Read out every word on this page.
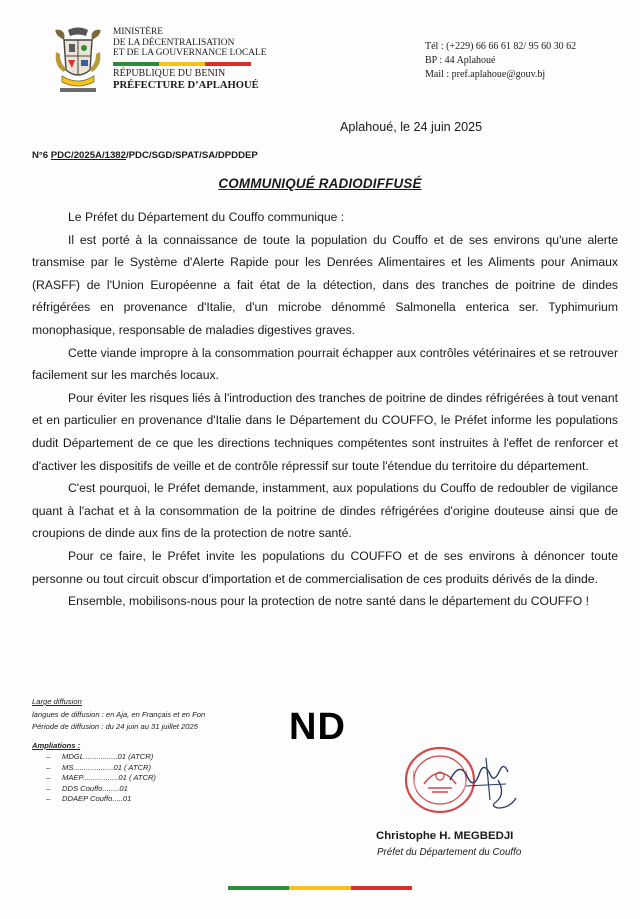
MINISTÈRE
DE LA DÉCENTRALISATION
ET DE LA GOUVERNANCE LOCALE
RÉPUBLIQUE DU BENIN
PRÉFECTURE D’APLAHOUÉ
Tél : (+229) 66 66 61 82/ 95 60 30 62
BP : 44 Aplahoué
Mail : pref.aplahoue@gouv.bj
Aplahoué, le 24 juin 2025
N°6 PDC/2025A/1382/PDC/SGD/SPAT/SA/DPDDEP
COMMUNIQUÉ RADIODIFFUSÉ

Le Préfet du Département du Couffo communique :

Il est porté à la connaissance de toute la population du Couffo et de ses environs qu'une alerte transmise par le Système d'Alerte Rapide pour les Denrées Alimentaires et les Aliments pour Animaux (RASFF) de l'Union Européenne a fait état de la détection, dans des tranches de poitrine de dindes réfrigérées en provenance d'Italie, d'un microbe dénommé Salmonella enterica ser. Typhimurium monophasique, responsable de maladies digestives graves.

Cette viande impropre à la consommation pourrait échapper aux contrôles vétérinaires et se retrouver facilement sur les marchés locaux.

Pour éviter les risques liés à l'introduction des tranches de poitrine de dindes réfrigérées à tout venant et en particulier en provenance d'Italie dans le Département du COUFFO, le Préfet informe les populations dudit Département de ce que les directions techniques compétentes sont instruites à l'effet de renforcer et d'activer les dispositifs de veille et de contrôle répressif sur toute l'étendue du territoire du département.

C'est pourquoi, le Préfet demande, instamment, aux populations du Couffo de redoubler de vigilance quant à l'achat et à la consommation de la poitrine de dindes réfrigérées d'origine douteuse ainsi que de croupions de dinde aux fins de la protection de notre santé.

Pour ce faire, le Préfet invite les populations du COUFFO et de ses environs à dénoncer toute personne ou tout circuit obscur d'importation et de commercialisation de ces produits dérivés de la dinde.

Ensemble, mobilisons-nous pour la protection de notre santé dans le département du COUFFO !

Large diffusion
langues de diffusion : en Aja, en Français et en Fon
Période de diffusion : du 24 juin au 31 juillet 2025
Ampliations :
–	MDGL ...............01 (ATCR)
–	MS...................01 ( ATCR)
–	MAEP.................01 ( ATCR)
–	DDS Couffo........01
–	DDAEP Couffo.....01
ND
Christophe H. MEGBEDJI
Préfet du Département du Couffo
